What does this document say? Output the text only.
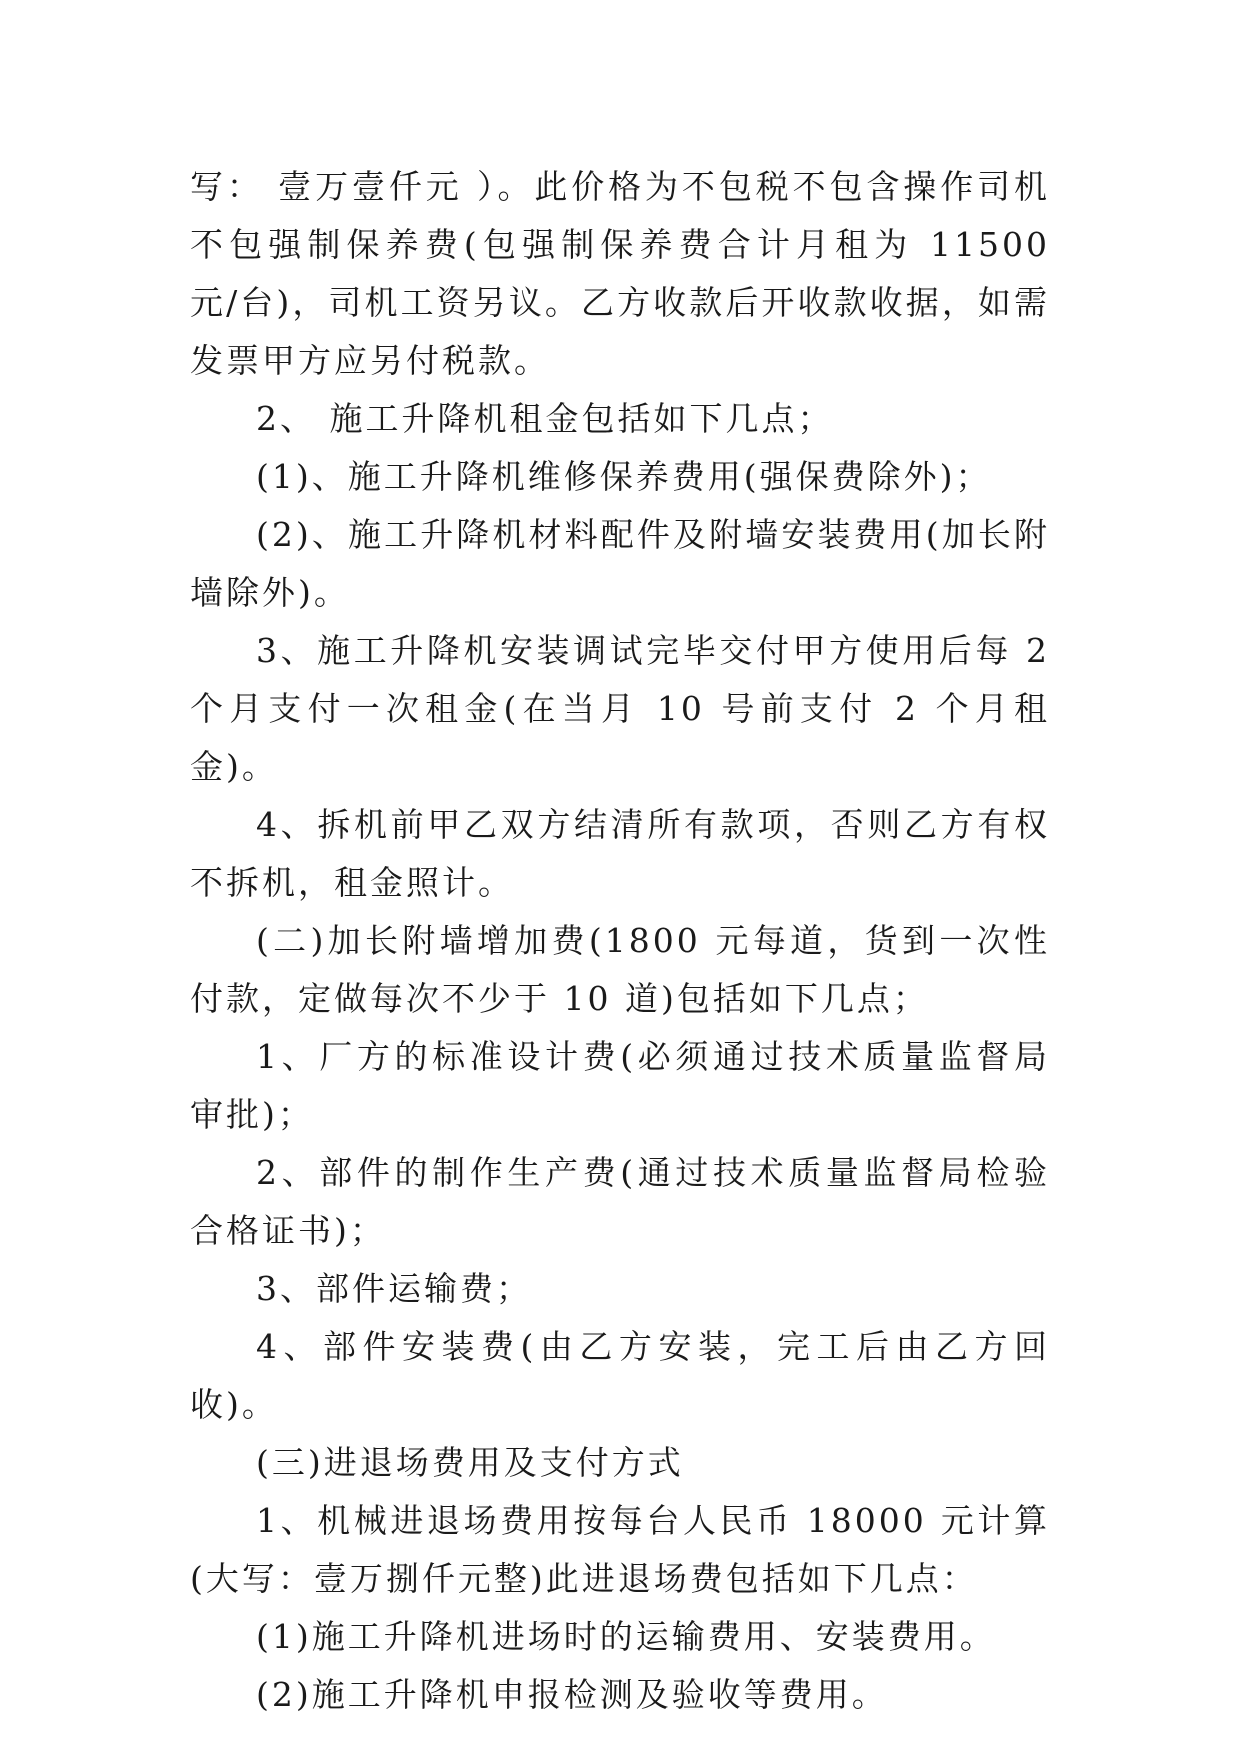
写： 壹万壹仟元 ）。此价格为不包税不包含操作司机不包强制保养费(包强制保养费合计月租为 11500 元/台)，司机工资另议。乙方收款后开收款收据，如需发票甲方应另付税款。

2、 施工升降机租金包括如下几点；

(1)、施工升降机维修保养费用(强保费除外)；

(2)、施工升降机材料配件及附墙安装费用(加长附墙除外)。

3、施工升降机安装调试完毕交付甲方使用后每 2 个月支付一次租金(在当月 10 号前支付 2 个月租金)。

4、拆机前甲乙双方结清所有款项，否则乙方有权不拆机，租金照计。

(二)加长附墙增加费(1800 元每道，货到一次性付款，定做每次不少于 10 道)包括如下几点；

1、厂方的标准设计费(必须通过技术质量监督局审批)；

2、部件的制作生产费(通过技术质量监督局检验合格证书)；

3、部件运输费；

4、部件安装费(由乙方安装，完工后由乙方回收)。

(三)进退场费用及支付方式

1、机械进退场费用按每台人民币 18000 元计算(大写：壹万捌仟元整)此进退场费包括如下几点：

(1)施工升降机进场时的运输费用、安装费用。

(2)施工升降机申报检测及验收等费用。
